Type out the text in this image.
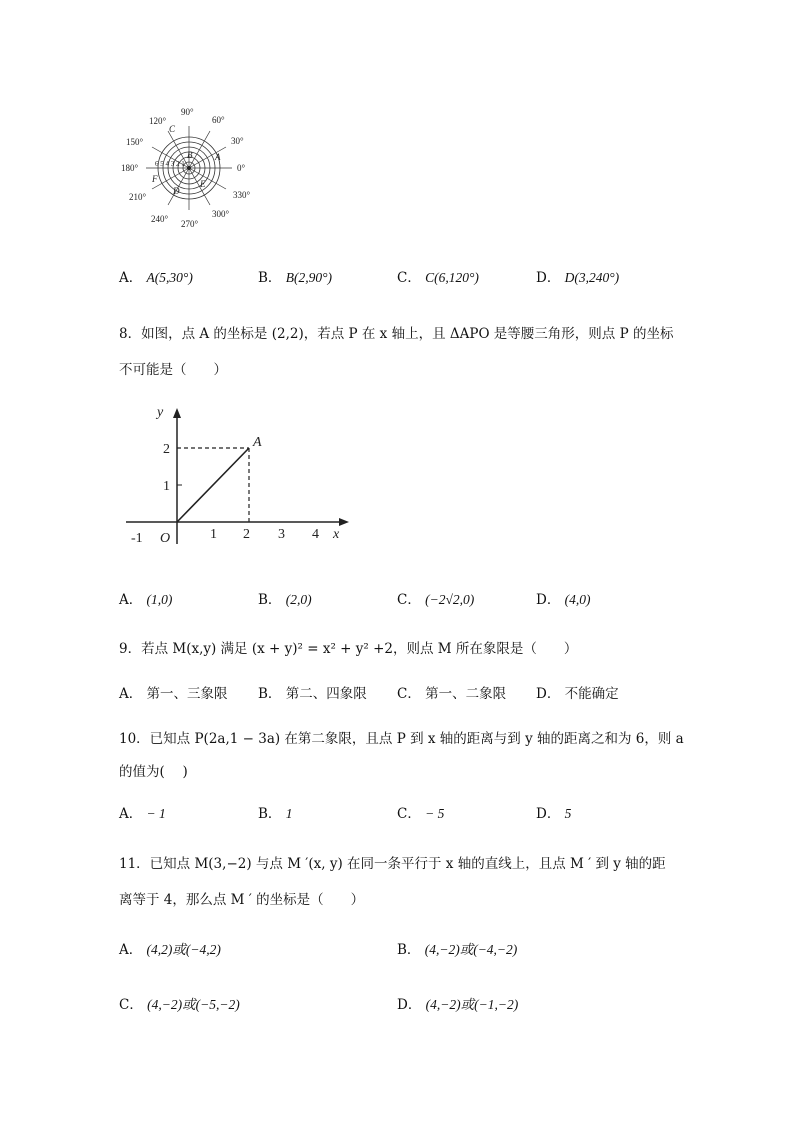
90°
60°
30°
0°
330°
300°
270°
240°
210°
180°
150°
120°
C
B	A
F
D
E
6 5 4 3 2 1
A． A(5,30°)	B． B(2,90°)	C． C(6,120°)	D． D(3,240°)
8．如图，点 A 的坐标是 (2,2)，若点 P 在 x 轴上，且 ΔAPO 是等腰三角形，则点 P 的坐标
不可能是（　　）
y
x
O
A
-1	1 2 3 4
1
2
A． (1,0)	B． (2,0)	C． (−2√2,0)	D． (4,0)
9．若点 M(x,y) 满足 (x + y)² = x² + y² +2，则点 M 所在象限是（　　）
A． 第一、三象限 B． 第二、四象限 C． 第一、二象限 D． 不能确定
10．已知点 P(2a,1 − 3a) 在第二象限，且点 P 到 x 轴的距离与到 y 轴的距离之和为 6，则 a
的值为(　 )
A． − 1	B． 1	C． − 5	D． 5
11．已知点 M(3,−2) 与点 M ′(x, y) 在同一条平行于 x 轴的直线上，且点 M ′ 到 y 轴的距
离等于 4，那么点 M ′ 的坐标是（　　）
A． (4,2)或(−4,2)	B． (4,−2)或(−4,−2)
C． (4,−2)或(−5,−2)	D． (4,−2)或(−1,−2)
